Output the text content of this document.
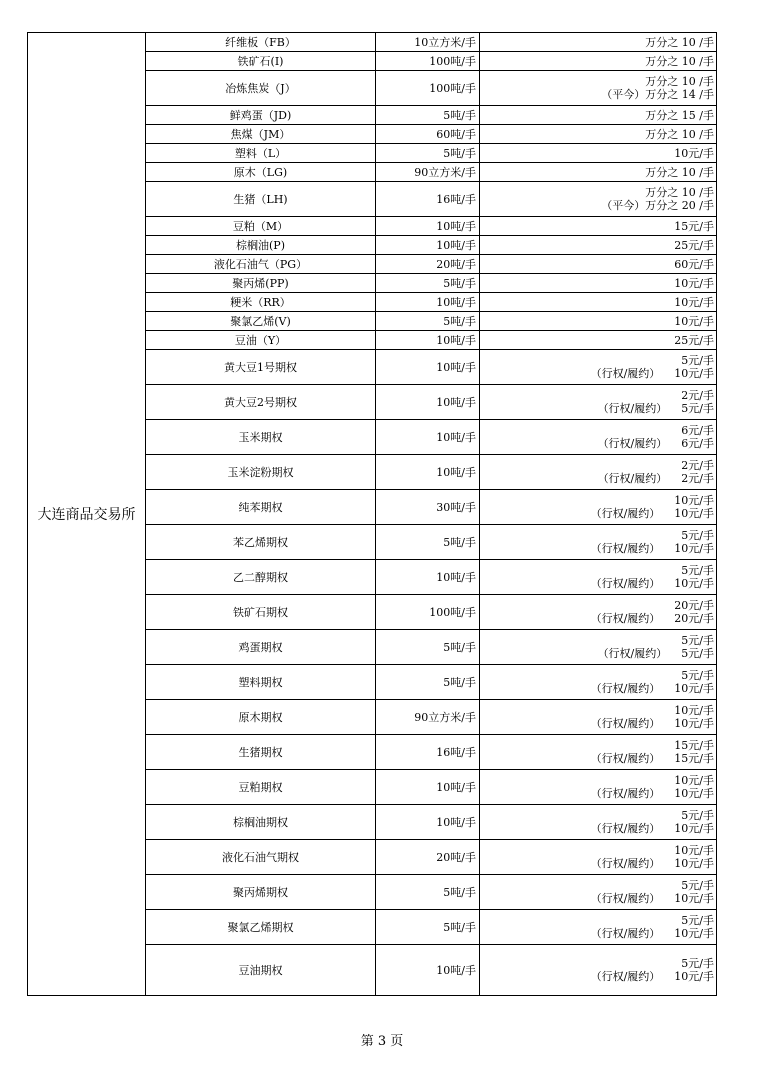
大连商品交易所
纤维板（FB）	10立方米/手	万分之 10 /手
铁矿石(I)	100吨/手	万分之 10 /手
冶炼焦炭（J）	100吨/手	万分之 10 /手
（平今）万分之 14 /手
鲜鸡蛋（JD)	5吨/手	万分之 15 /手
焦煤（JM）	60吨/手	万分之 10 /手
塑料（L）	5吨/手	10元/手
原木（LG)	90立方米/手	万分之 10 /手
生猪（LH)	16吨/手	万分之 10 /手
（平今）万分之 20 /手
豆粕（M）	10吨/手	15元/手
棕榈油(P)	10吨/手	25元/手
液化石油气（PG）	20吨/手	60元/手
聚丙烯(PP)	5吨/手	10元/手
粳米（RR）	10吨/手	10元/手
聚氯乙烯(V)	5吨/手	10元/手
豆油（Y）	10吨/手	25元/手
黄大豆1号期权	10吨/手	5元/手
（行权/履约） 10元/手
黄大豆2号期权	10吨/手	2元/手
（行权/履约） 5元/手
玉米期权	10吨/手	6元/手
（行权/履约） 6元/手
玉米淀粉期权	10吨/手	2元/手
（行权/履约） 2元/手
纯苯期权	30吨/手	10元/手
（行权/履约） 10元/手
苯乙烯期权	5吨/手	5元/手
（行权/履约） 10元/手
乙二醇期权	10吨/手	5元/手
（行权/履约） 10元/手
铁矿石期权	100吨/手	20元/手
（行权/履约） 20元/手
鸡蛋期权	5吨/手	5元/手
（行权/履约） 5元/手
塑料期权	5吨/手	5元/手
（行权/履约） 10元/手
原木期权	90立方米/手	10元/手
（行权/履约） 10元/手
生猪期权	16吨/手	15元/手
（行权/履约） 15元/手
豆粕期权	10吨/手	10元/手
（行权/履约） 10元/手
棕榈油期权	10吨/手	5元/手
（行权/履约） 10元/手
液化石油气期权	20吨/手	10元/手
（行权/履约） 10元/手
聚丙烯期权	5吨/手	5元/手
（行权/履约） 10元/手
聚氯乙烯期权	5吨/手	5元/手
（行权/履约） 10元/手
豆油期权	10吨/手	5元/手
（行权/履约） 10元/手
第 3 页
